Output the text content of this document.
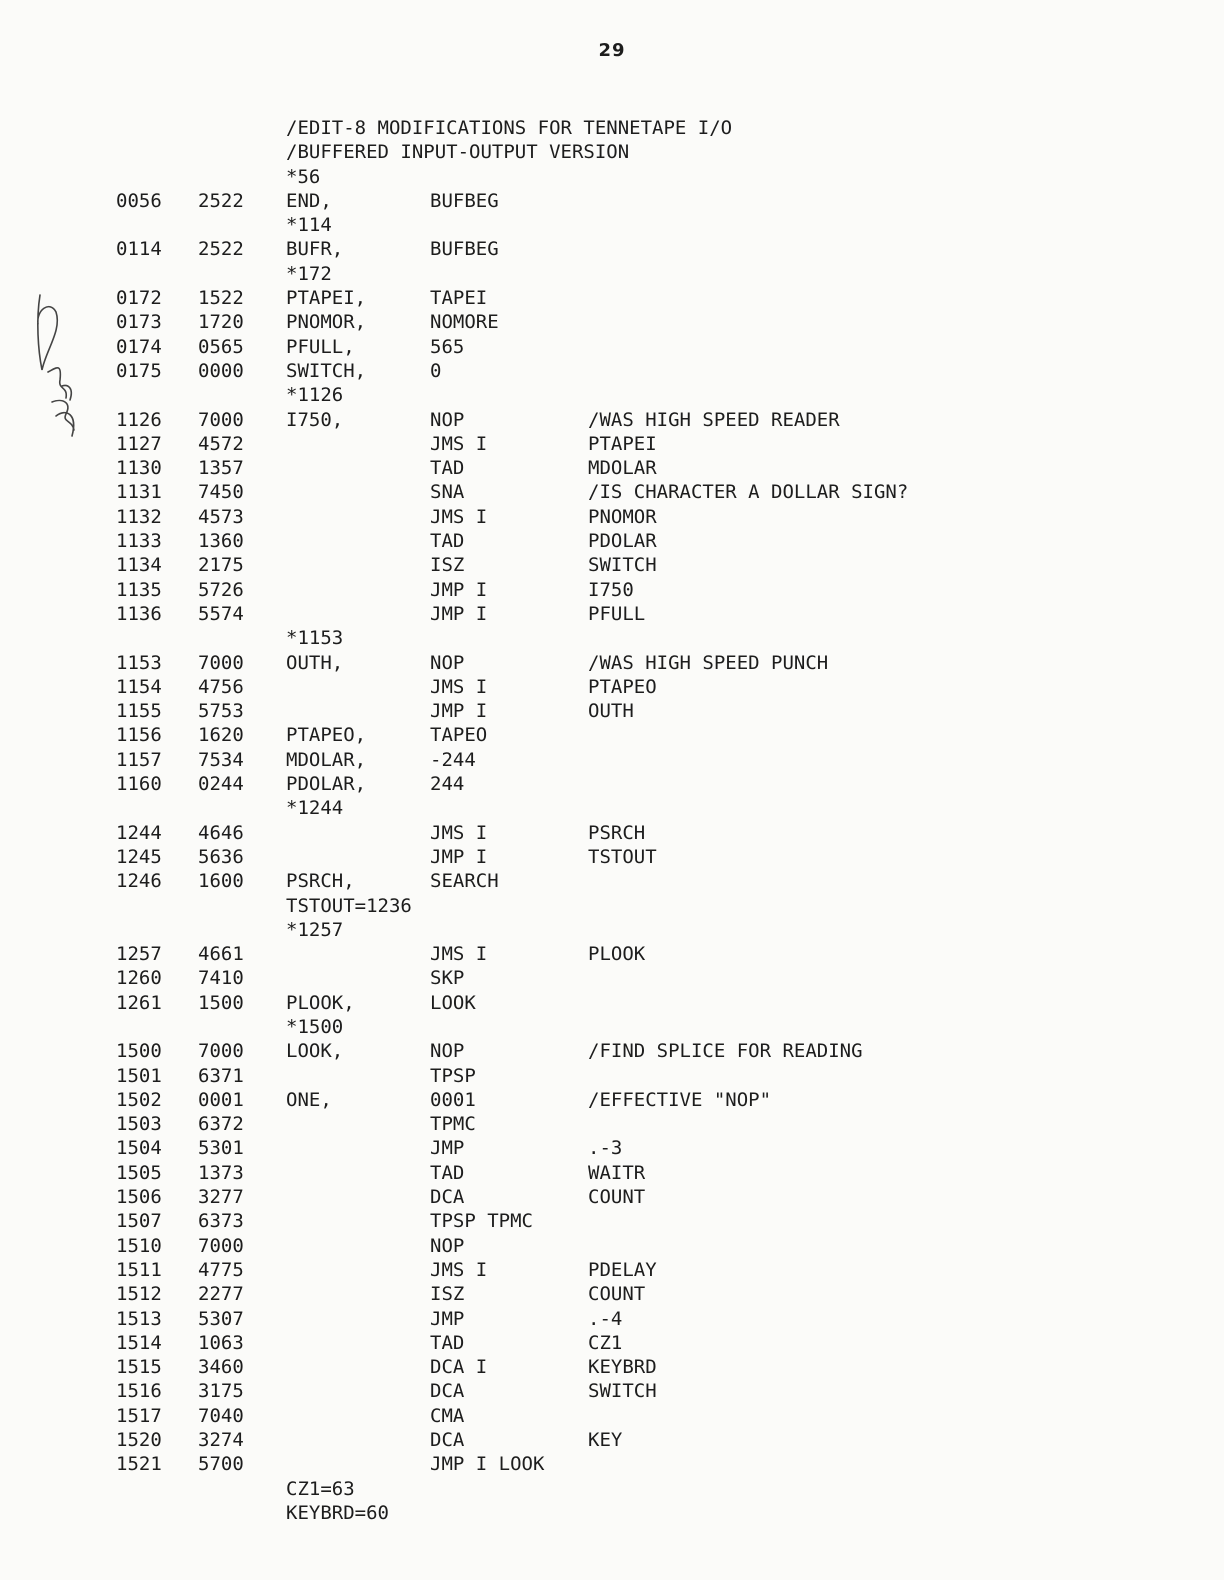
29
/EDIT-8 MODIFICATIONS FOR TENNETAPE I/O
/BUFFERED INPUT-OUTPUT VERSION
*56
0056 2522 END,	BUFBEG
*114
0114 2522 BUFR,	BUFBEG
*172
0172 1522 PTAPEI,	TAPEI
0173 1720 PNOMOR,	NOMORE
0174 0565 PFULL,	565
0175 0000 SWITCH,	0
*1126
1126 7000 I750,	NOP	/WAS HIGH SPEED READER
1127 4572	JMS I	PTAPEI
1130 1357	TAD	MDOLAR
1131 7450	SNA	/IS CHARACTER A DOLLAR SIGN?
1132 4573	JMS I	PNOMOR
1133 1360	TAD	PDOLAR
1134 2175	ISZ	SWITCH
1135 5726	JMP I	I750
1136 5574	JMP I	PFULL
*1153
1153 7000 OUTH,	NOP	/WAS HIGH SPEED PUNCH
1154 4756	JMS I	PTAPEO
1155 5753	JMP I	OUTH
1156 1620 PTAPEO,	TAPEO
1157 7534 MDOLAR,	-244
1160 0244 PDOLAR,	244
*1244
1244 4646	JMS I	PSRCH
1245 5636	JMP I	TSTOUT
1246 1600 PSRCH,	SEARCH
TSTOUT=1236
*1257
1257 4661	JMS I	PLOOK
1260 7410	SKP
1261 1500 PLOOK,	LOOK
*1500
1500 7000 LOOK,	NOP	/FIND SPLICE FOR READING
1501 6371	TPSP
1502 0001 ONE,	0001	/EFFECTIVE "NOP"
1503 6372	TPMC
1504 5301	JMP	.-3
1505 1373	TAD	WAITR
1506 3277	DCA	COUNT
1507 6373	TPSP TPMC
1510 7000	NOP
1511 4775	JMS I	PDELAY
1512 2277	ISZ	COUNT
1513 5307	JMP	.-4
1514 1063	TAD	CZ1
1515 3460	DCA I	KEYBRD
1516 3175	DCA	SWITCH
1517 7040	CMA
1520 3274	DCA	KEY
1521 5700	JMP I LOOK
CZ1=63
KEYBRD=60
